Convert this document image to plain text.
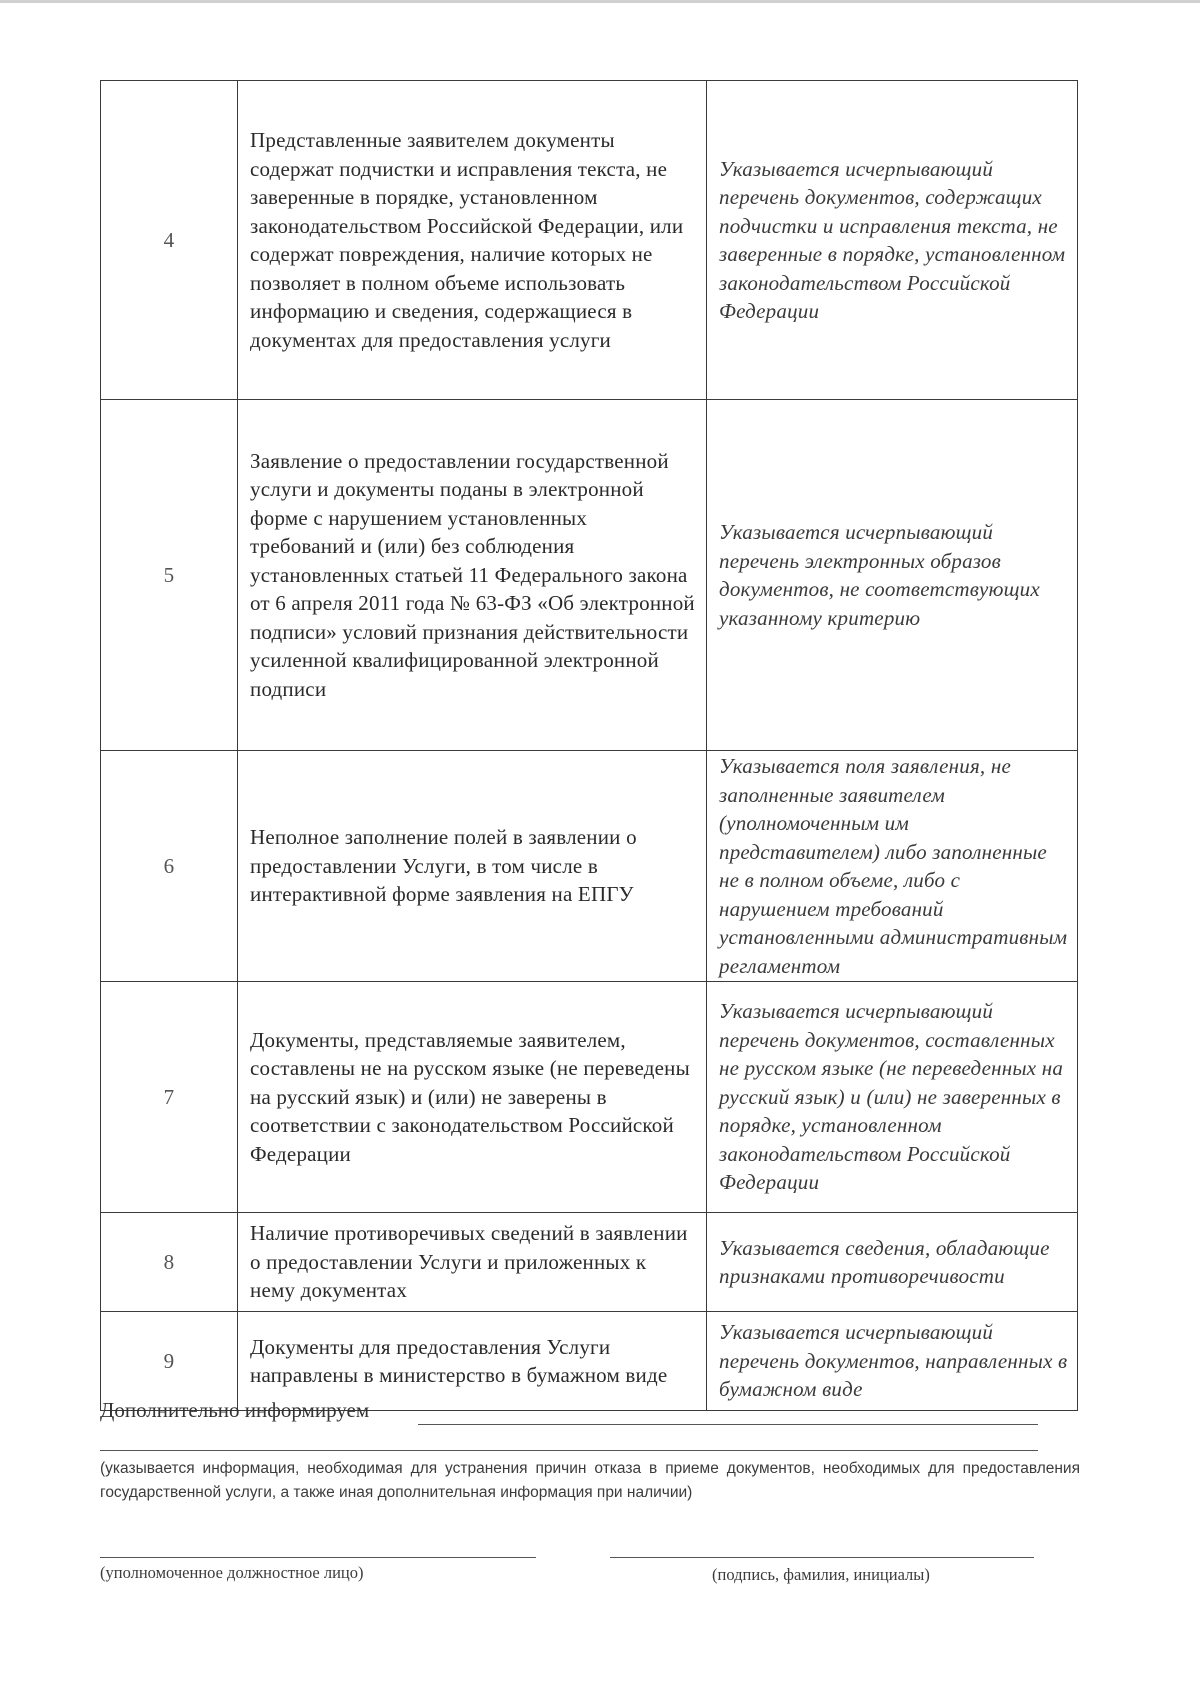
4	Представленные заявителем документы содержат подчистки и исправления текста, не заверенные в порядке, установленном законодательством Российской Федерации, или содержат повреждения, наличие которых не позволяет в полном объеме использовать информацию и сведения, содержащиеся в документах для предоставления услуги	Указывается исчерпывающий перечень документов, содержащих подчистки и исправления текста, не заверенные в порядке, установленном законодательством Российской Федерации
5	Заявление о предоставлении государственной услуги и документы поданы в электронной форме с нарушением установленных требований и (или) без соблюдения установленных статьей 11 Федерального закона от 6 апреля 2011 года № 63-ФЗ «Об электронной подписи» условий признания действительности усиленной квалифицированной электронной подписи	Указывается исчерпывающий перечень электронных образов документов, не соответствующих указанному критерию
6	Неполное заполнение полей в заявлении о предоставлении Услуги, в том числе в интерактивной форме заявления на ЕПГУ	Указывается поля заявления, не заполненные заявителем (уполномоченным им представителем) либо заполненные не в полном объеме, либо с нарушением требований установленными административным регламентом
7	Документы, представляемые заявителем, составлены не на русском языке (не переведены на русский язык) и (или) не заверены в соответствии с законодательством Российской Федерации	Указывается исчерпывающий перечень документов, составленных не русском языке (не переведенных на русский язык) и (или) не заверенных в порядке, установленном законодательством Российской Федерации
8	Наличие противоречивых сведений в заявлении о предоставлении Услуги и приложенных к нему документах	Указывается сведения, обладающие признаками противоречивости
9	Документы для предоставления Услуги направлены в министерство в бумажном виде	Указывается исчерпывающий перечень документов, направленных в бумажном виде
Дополнительно информируем
(указывается информация, необходимая для устранения причин отказа в приеме документов, необходимых для предоставления государственной услуги, а также иная дополнительная информация при наличии)
(уполномоченное должностное лицо)	(подпись, фамилия, инициалы)
